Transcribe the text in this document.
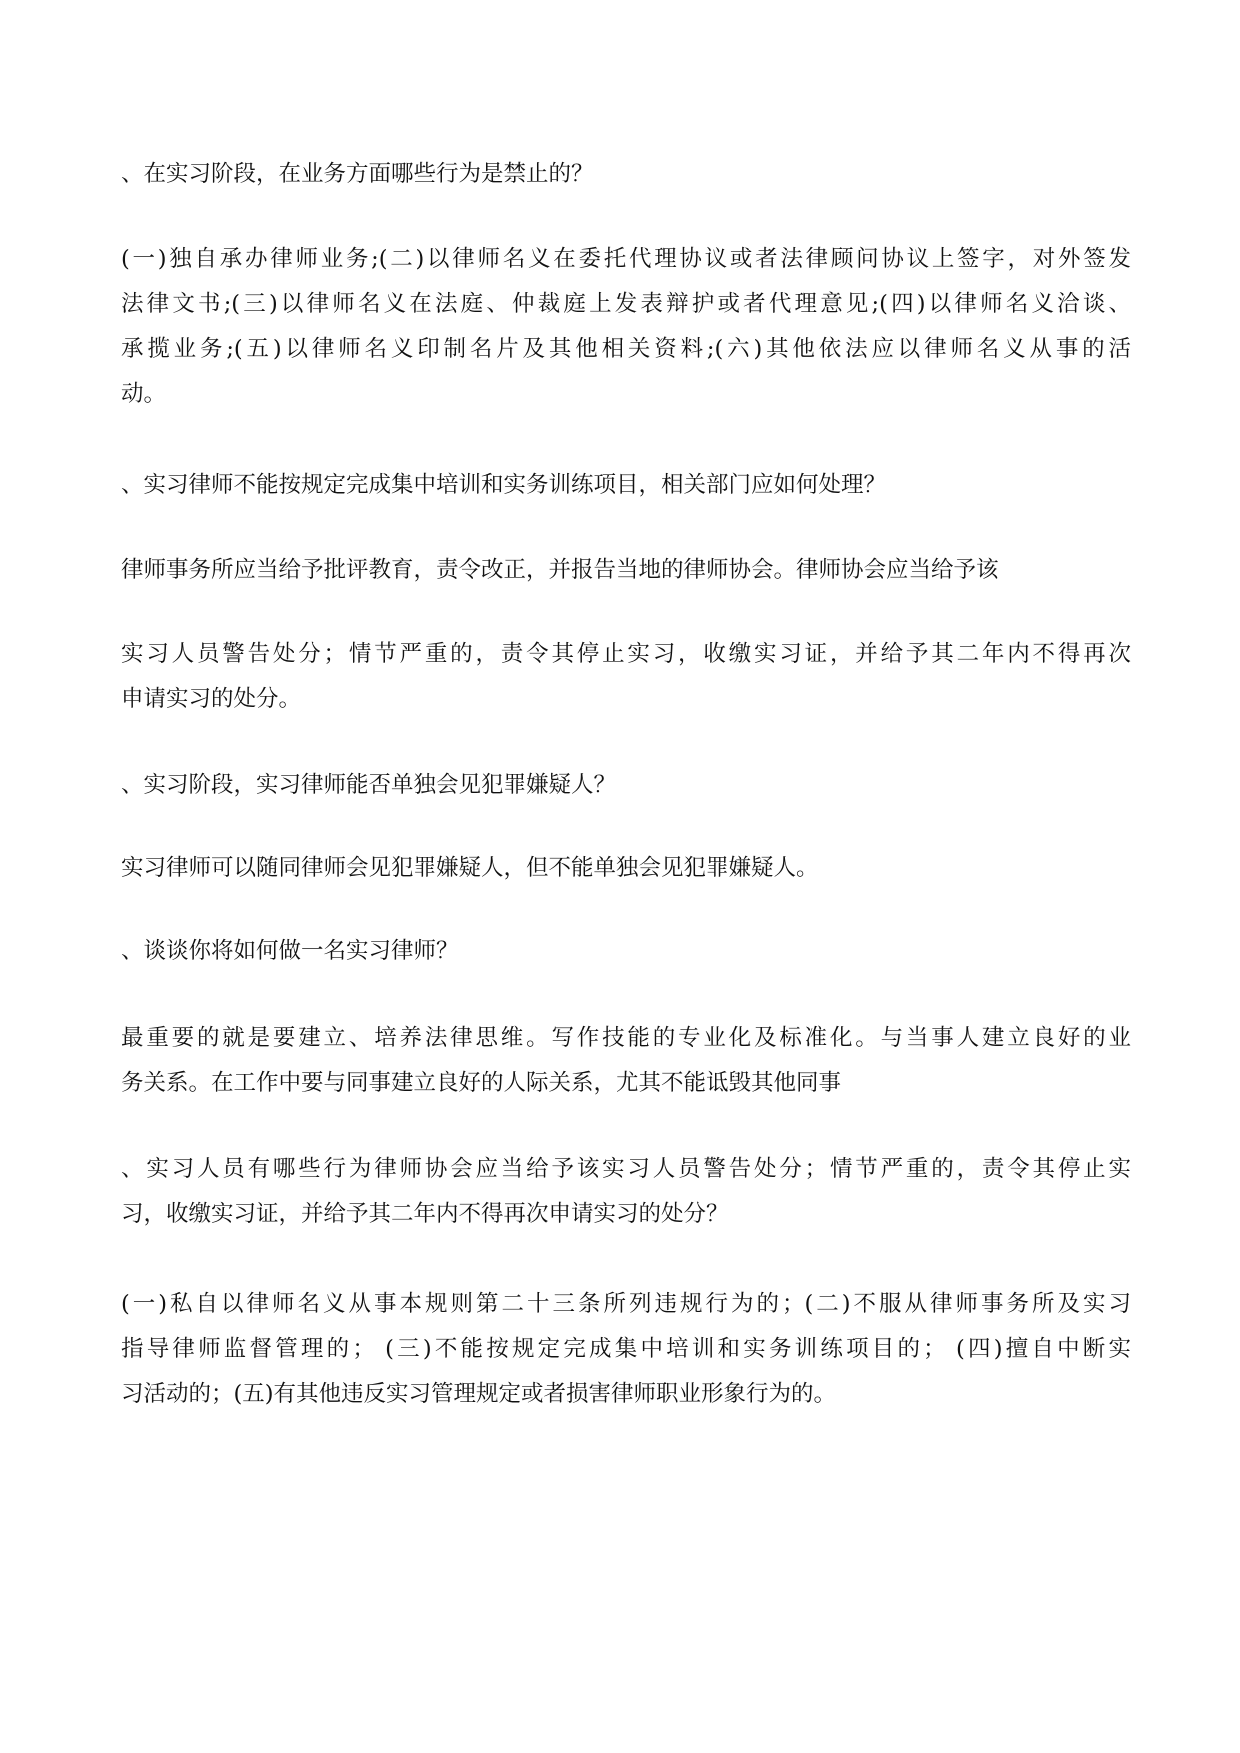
、在实习阶段，在业务方面哪些行为是禁止的？
(一)独自承办律师业务;(二)以律师名义在委托代理协议或者法律顾问协议上签字，对外签发
法律文书;(三)以律师名义在法庭、仲裁庭上发表辩护或者代理意见;(四)以律师名义洽谈、
承揽业务;(五)以律师名义印制名片及其他相关资料;(六)其他依法应以律师名义从事的活
动。
、实习律师不能按规定完成集中培训和实务训练项目，相关部门应如何处理？
律师事务所应当给予批评教育，责令改正，并报告当地的律师协会。律师协会应当给予该
实习人员警告处分；情节严重的，责令其停止实习，收缴实习证，并给予其二年内不得再次
申请实习的处分。
、实习阶段，实习律师能否单独会见犯罪嫌疑人？
实习律师可以随同律师会见犯罪嫌疑人，但不能单独会见犯罪嫌疑人。
、谈谈你将如何做一名实习律师？
最重要的就是要建立、培养法律思维。写作技能的专业化及标准化。与当事人建立良好的业
务关系。在工作中要与同事建立良好的人际关系，尤其不能诋毁其他同事
、实习人员有哪些行为律师协会应当给予该实习人员警告处分；情节严重的，责令其停止实
习，收缴实习证，并给予其二年内不得再次申请实习的处分？
(一)私自以律师名义从事本规则第二十三条所列违规行为的；(二)不服从律师事务所及实习
指导律师监督管理的； (三)不能按规定完成集中培训和实务训练项目的； (四)擅自中断实
习活动的；(五)有其他违反实习管理规定或者损害律师职业形象行为的。
